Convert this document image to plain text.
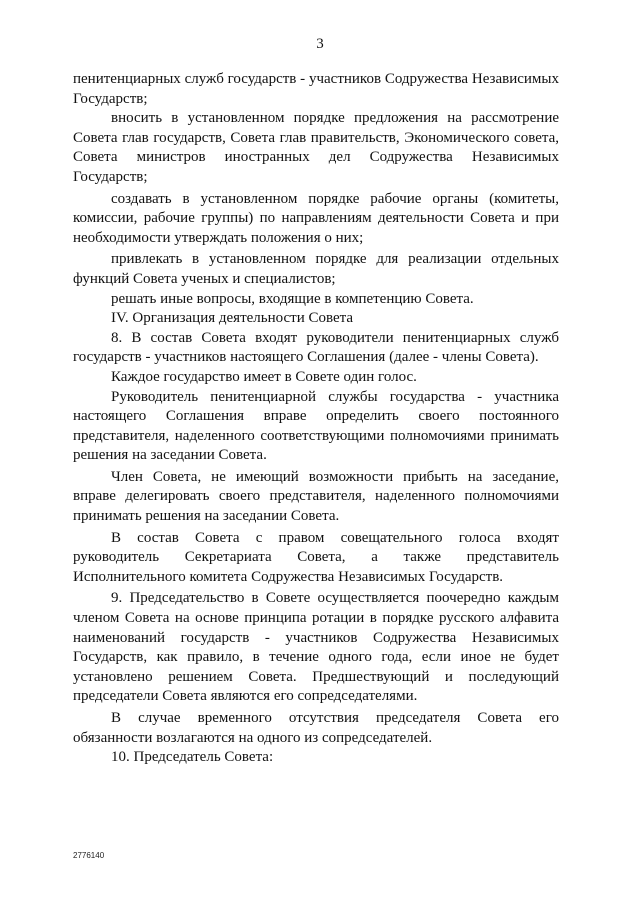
3

пенитенциарных служб государств - участников Содружества Независимых Государств;

вносить в установленном порядке предложения на рассмотрение Совета глав государств, Совета глав правительств, Экономического совета, Совета министров иностранных дел Содружества Независимых Государств;

создавать в установленном порядке рабочие органы (комитеты, комиссии, рабочие группы) по направлениям деятельности Совета и при необходимости утверждать положения о них;

привлекать в установленном порядке для реализации отдельных функций Совета ученых и специалистов;

решать иные вопросы, входящие в компетенцию Совета.

IV. Организация деятельности Совета

8. В состав Совета входят руководители пенитенциарных служб государств - участников настоящего Соглашения (далее - члены Совета).

Каждое государство имеет в Совете один голос.

Руководитель пенитенциарной службы государства - участника настоящего Соглашения вправе определить своего постоянного представителя, наделенного соответствующими полномочиями принимать решения на заседании Совета.

Член Совета, не имеющий возможности прибыть на заседание, вправе делегировать своего представителя, наделенного полномочиями принимать решения на заседании Совета.

В состав Совета с правом совещательного голоса входят руководитель Секретариата Совета, а также представитель Исполнительного комитета Содружества Независимых Государств.

9. Председательство в Совете осуществляется поочередно каждым членом Совета на основе принципа ротации в порядке русского алфавита наименований государств - участников Содружества Независимых Государств, как правило, в течение одного года, если иное не будет установлено решением Совета. Предшествующий и последующий председатели Совета являются его сопредседателями.

В случае временного отсутствия председателя Совета его обязанности возлагаются на одного из сопредседателей.

10. Председатель Совета:

2776140
